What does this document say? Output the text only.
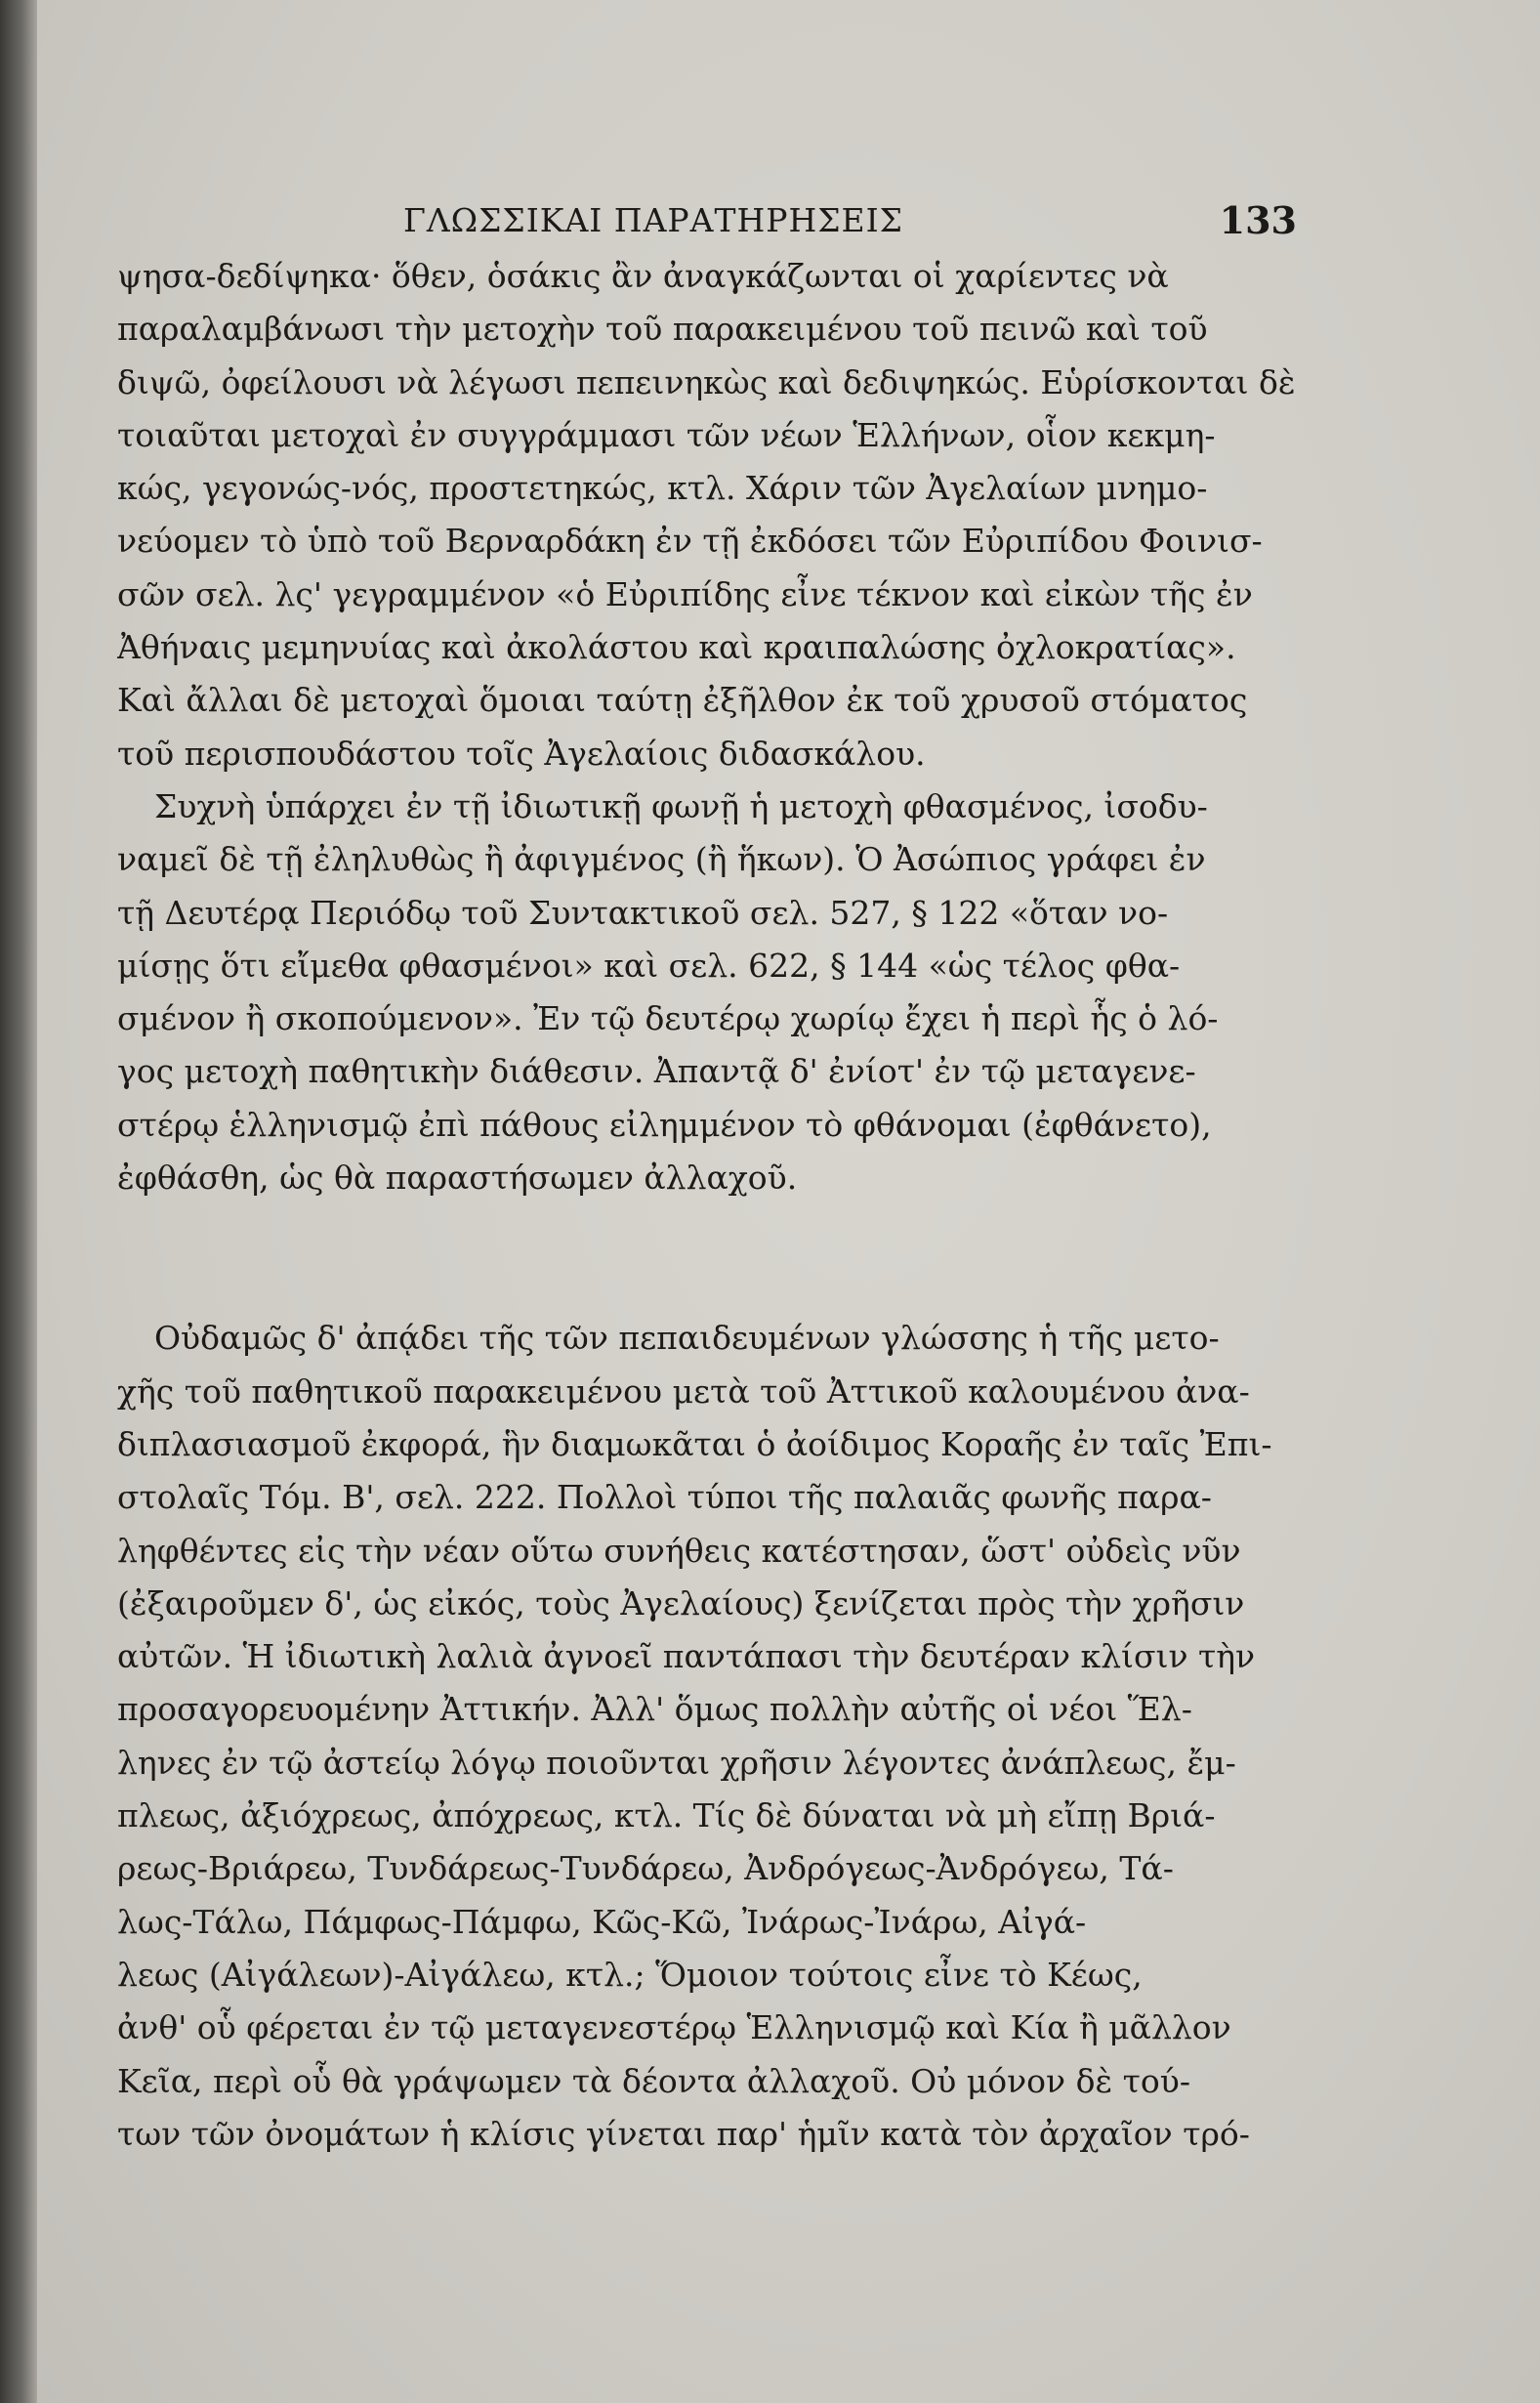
ΓΛΩΣΣΙΚΑΙ ΠΑΡΑΤΗΡΗΣΕΙΣ	133
ψησα-δεδίψηκα· ὅθεν, ὁσάκις ἂν ἀναγκάζωνται οἱ χαρίεντες νὰ
παραλαμβάνωσι τὴν μετοχὴν τοῦ παρακειμένου τοῦ πεινῶ καὶ τοῦ
διψῶ, ὀφείλουσι νὰ λέγωσι πεπεινηκὼς καὶ δεδιψηκώς. Εὑρίσκονται δὲ
τοιαῦται μετοχαὶ ἐν συγγράμμασι τῶν νέων Ἑλλήνων, οἷον κεκμη-
κώς, γεγονώς-νός, προστετηκώς, κτλ. Χάριν τῶν Ἀγελαίων μνημο-
νεύομεν τὸ ὑπὸ τοῦ Βερναρδάκη ἐν τῇ ἐκδόσει τῶν Εὐριπίδου Φοινισ-
σῶν σελ. λς' γεγραμμένον «ὁ Εὐριπίδης εἶνε τέκνον καὶ εἰκὼν τῆς ἐν
Ἀθήναις μεμηνυίας καὶ ἀκολάστου καὶ κραιπαλώσης ὀχλοκρατίας».
Καὶ ἄλλαι δὲ μετοχαὶ ὅμοιαι ταύτῃ ἐξῆλθον ἐκ τοῦ χρυσοῦ στόματος
τοῦ περισπουδάστου τοῖς Ἀγελαίοις διδασκάλου.
Συχνὴ ὑπάρχει ἐν τῇ ἰδιωτικῇ φωνῇ ἡ μετοχὴ φθασμένος, ἰσοδυ-
ναμεῖ δὲ τῇ ἐληλυθὼς ἢ ἀφιγμένος (ἢ ἥκων). Ὁ Ἀσώπιος γράφει ἐν
τῇ Δευτέρᾳ Περιόδῳ τοῦ Συντακτικοῦ σελ. 527, § 122 «ὅταν νο-
μίσῃς ὅτι εἴμεθα φθασμένοι» καὶ σελ. 622, § 144 «ὡς τέλος φθα-
σμένον ἢ σκοπούμενον». Ἐν τῷ δευτέρῳ χωρίῳ ἔχει ἡ περὶ ἧς ὁ λό-
γος μετοχὴ παθητικὴν διάθεσιν. Ἀπαντᾷ δ' ἐνίοτ' ἐν τῷ μεταγενε-
στέρῳ ἑλληνισμῷ ἐπὶ πάθους εἰλημμένον τὸ φθάνομαι (ἐφθάνετο),
ἐφθάσθη, ὡς θὰ παραστήσωμεν ἀλλαχοῦ.
Οὐδαμῶς δ' ἀπᾴδει τῆς τῶν πεπαιδευμένων γλώσσης ἡ τῆς μετο-
χῆς τοῦ παθητικοῦ παρακειμένου μετὰ τοῦ Ἀττικοῦ καλουμένου ἀνα-
διπλασιασμοῦ ἐκφορά, ἣν διαμωκᾶται ὁ ἀοίδιμος Κοραῆς ἐν ταῖς Ἐπι-
στολαῖς Τόμ. Β', σελ. 222. Πολλοὶ τύποι τῆς παλαιᾶς φωνῆς παρα-
ληφθέντες εἰς τὴν νέαν οὕτω συνήθεις κατέστησαν, ὥστ' οὐδεὶς νῦν
(ἐξαιροῦμεν δ', ὡς εἰκός, τοὺς Ἀγελαίους) ξενίζεται πρὸς τὴν χρῆσιν
αὐτῶν. Ἡ ἰδιωτικὴ λαλιὰ ἀγνοεῖ παντάπασι τὴν δευτέραν κλίσιν τὴν
προσαγορευομένην Ἀττικήν. Ἀλλ' ὅμως πολλὴν αὐτῆς οἱ νέοι Ἕλ-
ληνες ἐν τῷ ἀστείῳ λόγῳ ποιοῦνται χρῆσιν λέγοντες ἀνάπλεως, ἔμ-
πλεως, ἀξιόχρεως, ἀπόχρεως, κτλ. Τίς δὲ δύναται νὰ μὴ εἴπῃ Βριά-
ρεως-Βριάρεω, Τυνδάρεως-Τυνδάρεω, Ἀνδρόγεως-Ἀνδρόγεω, Τά-
λως-Τάλω, Πάμφως-Πάμφω, Κῶς-Κῶ, Ἰνάρως-Ἰνάρω, Αἰγά-
λεως (Αἰγάλεων)-Αἰγάλεω, κτλ.; Ὅμοιον τούτοις εἶνε τὸ Κέως,
ἀνθ' οὗ φέρεται ἐν τῷ μεταγενεστέρῳ Ἑλληνισμῷ καὶ Κία ἢ μᾶλλον
Κεῖα, περὶ οὗ θὰ γράψωμεν τὰ δέοντα ἀλλαχοῦ. Οὐ μόνον δὲ τού-
των τῶν ὀνομάτων ἡ κλίσις γίνεται παρ' ἡμῖν κατὰ τὸν ἀρχαῖον τρό-
